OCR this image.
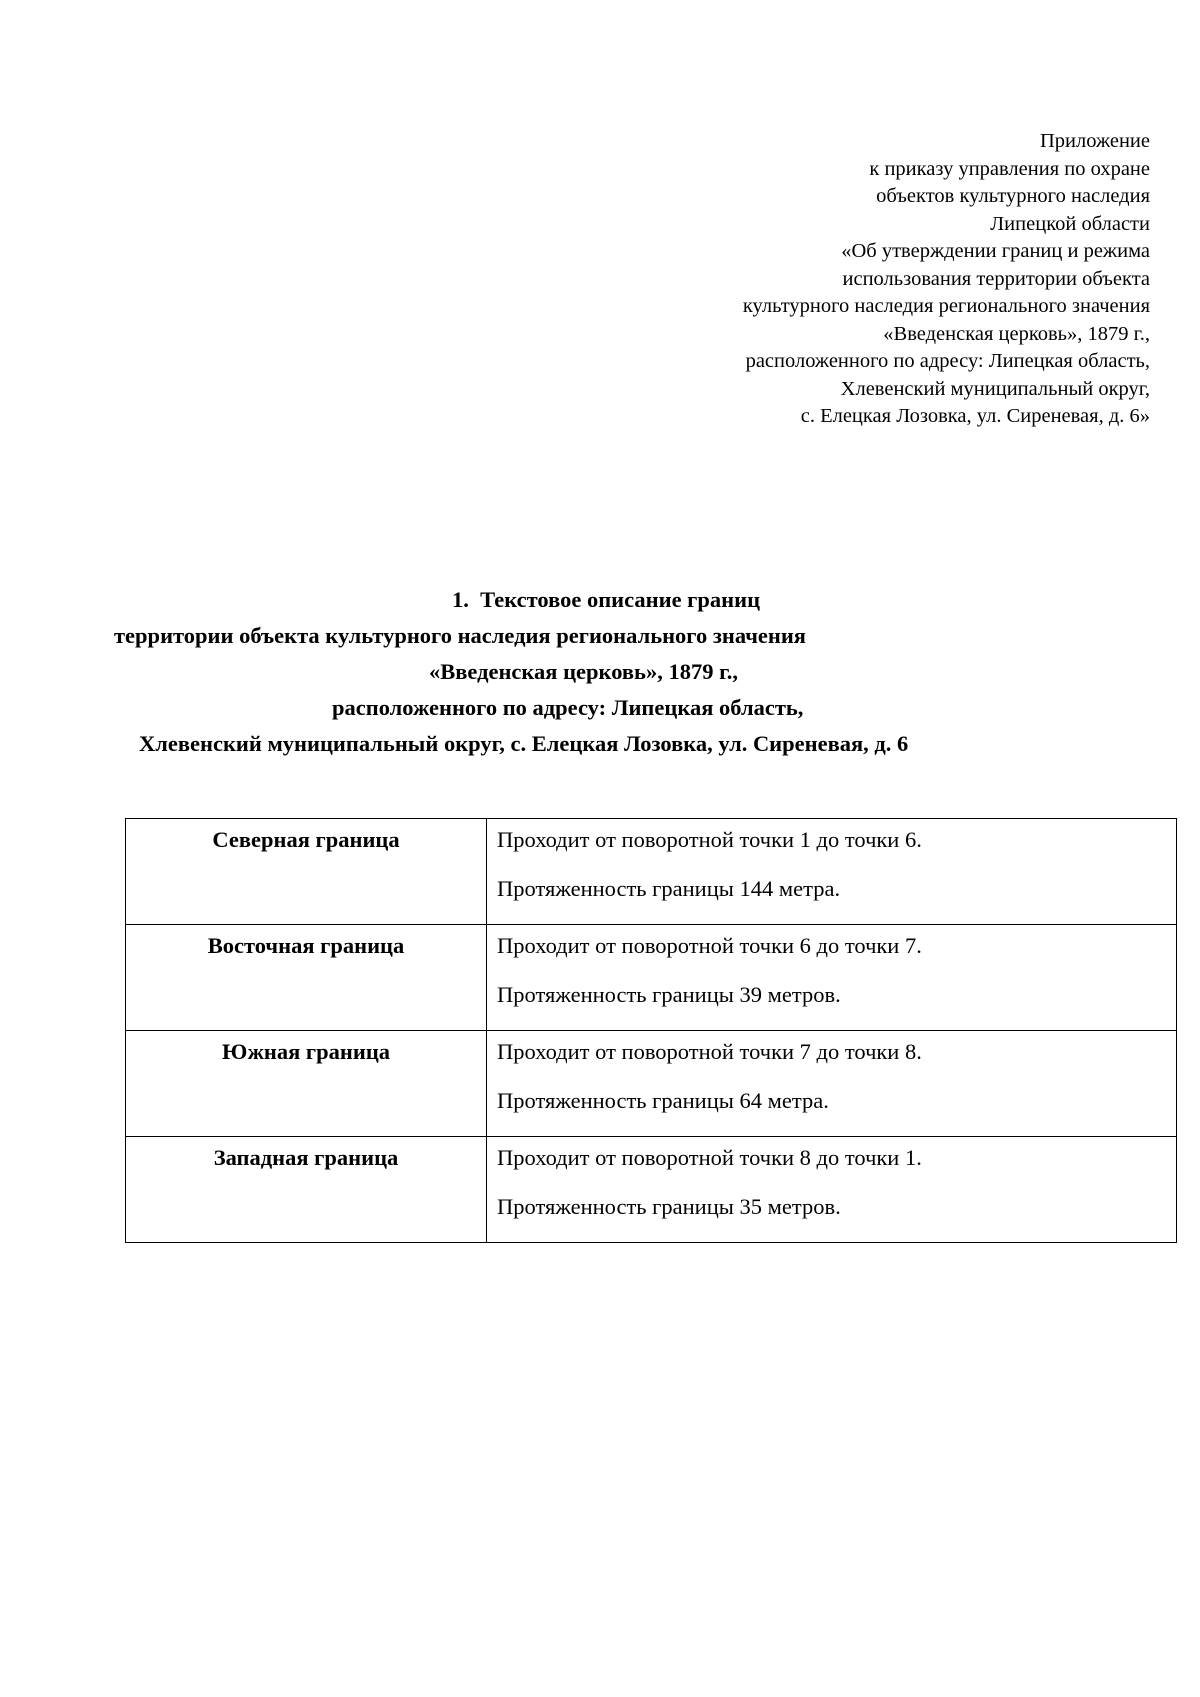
Приложение
к приказу управления по охране
объектов культурного наследия
Липецкой области
«Об утверждении границ и режима
использования территории объекта
культурного наследия регионального значения
«Введенская церковь», 1879 г.,
расположенного по адресу: Липецкая область,
Хлевенский муниципальный округ,
с. Елецкая Лозовка, ул. Сиреневая, д. 6»
1. Текстовое описание границ
территории объекта культурного наследия регионального значения
«Введенская церковь», 1879 г.,
расположенного по адресу: Липецкая область,
Хлевенский муниципальный округ, с. Елецкая Лозовка, ул. Сиреневая, д. 6
Северная граница	Проходит от поворотной точки 1 до точки 6.
Протяженность границы 144 метра.

Восточная граница	Проходит от поворотной точки 6 до точки 7.
Протяженность границы 39 метров.

Южная граница	Проходит от поворотной точки 7 до точки 8.
Протяженность границы 64 метра.

Западная граница	Проходит от поворотной точки 8 до точки 1.
Протяженность границы 35 метров.
